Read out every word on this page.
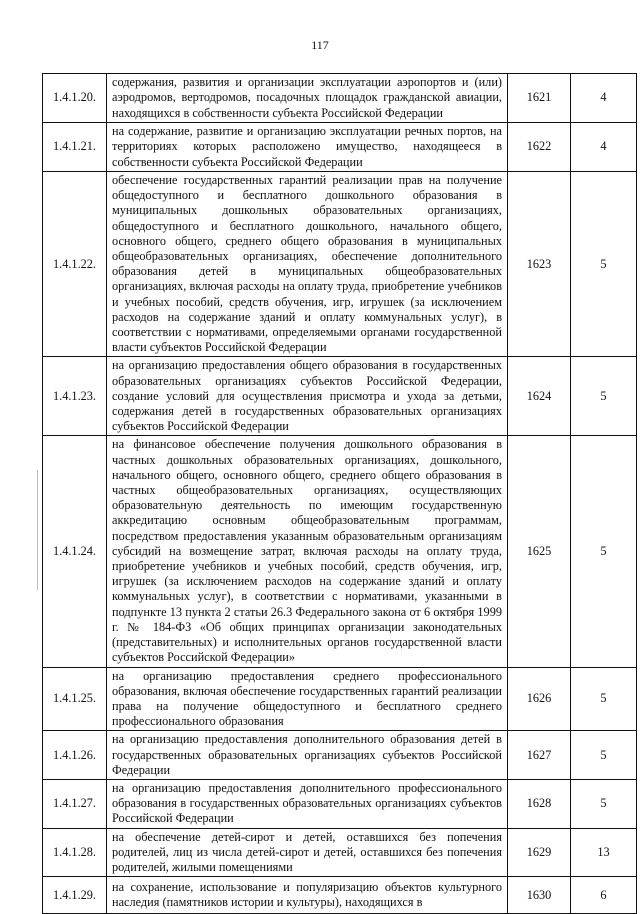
117
1.4.1.20.	содержания, развития и организации эксплуатации аэропортов и (или) аэродромов, вертодромов, посадочных площадок гражданской авиации, находящихся в собственности субъекта Российской Федерации	1621	4
1.4.1.21.	на содержание, развитие и организацию эксплуатации речных портов, на территориях которых расположено имущество, находящееся в собственности субъекта Российской Федерации	1622	4
1.4.1.22.	обеспечение государственных гарантий реализации прав на получение общедоступного и бесплатного дошкольного образования в муниципальных дошкольных образовательных организациях, общедоступного и бесплатного дошкольного, начального общего, основного общего, среднего общего образования в муниципальных общеобразовательных организациях, обеспечение дополнительного образования детей в муниципальных общеобразовательных организациях, включая расходы на оплату труда, приобретение учебников и учебных пособий, средств обучения, игр, игрушек (за исключением расходов на содержание зданий и оплату коммунальных услуг), в соответствии с нормативами, определяемыми органами государственной власти субъектов Российской Федерации	1623	5
1.4.1.23.	на организацию предоставления общего образования в государственных образовательных организациях субъектов Российской Федерации, создание условий для осуществления присмотра и ухода за детьми, содержания детей в государственных образовательных организациях субъектов Российской Федерации	1624	5
1.4.1.24.	на финансовое обеспечение получения дошкольного образования в частных дошкольных образовательных организациях, дошкольного, начального общего, основного общего, среднего общего образования в частных общеобразовательных организациях, осуществляющих образовательную деятельность по имеющим государственную аккредитацию основным общеобразовательным программам, посредством предоставления указанным образовательным организациям субсидий на возмещение затрат, включая расходы на оплату труда, приобретение учебников и учебных пособий, средств обучения, игр, игрушек (за исключением расходов на содержание зданий и оплату коммунальных услуг), в соответствии с нормативами, указанными в подпункте 13 пункта 2 статьи 26.3 Федерального закона от 6 октября 1999 г. № 184-ФЗ «Об общих принципах организации законодательных (представительных) и исполнительных органов государственной власти субъектов Российской Федерации»	1625	5
1.4.1.25.	на организацию предоставления среднего профессионального образования, включая обеспечение государственных гарантий реализации права на получение общедоступного и бесплатного среднего профессионального образования	1626	5
1.4.1.26.	на организацию предоставления дополнительного образования детей в государственных образовательных организациях субъектов Российской Федерации	1627	5
1.4.1.27.	на организацию предоставления дополнительного профессионального образования в государственных образовательных организациях субъектов Российской Федерации	1628	5
1.4.1.28.	на обеспечение детей-сирот и детей, оставшихся без попечения родителей, лиц из числа детей-сирот и детей, оставшихся без попечения родителей, жилыми помещениями	1629	13
1.4.1.29.	на сохранение, использование и популяризацию объектов культурного наследия (памятников истории и культуры), находящихся в	1630	6
